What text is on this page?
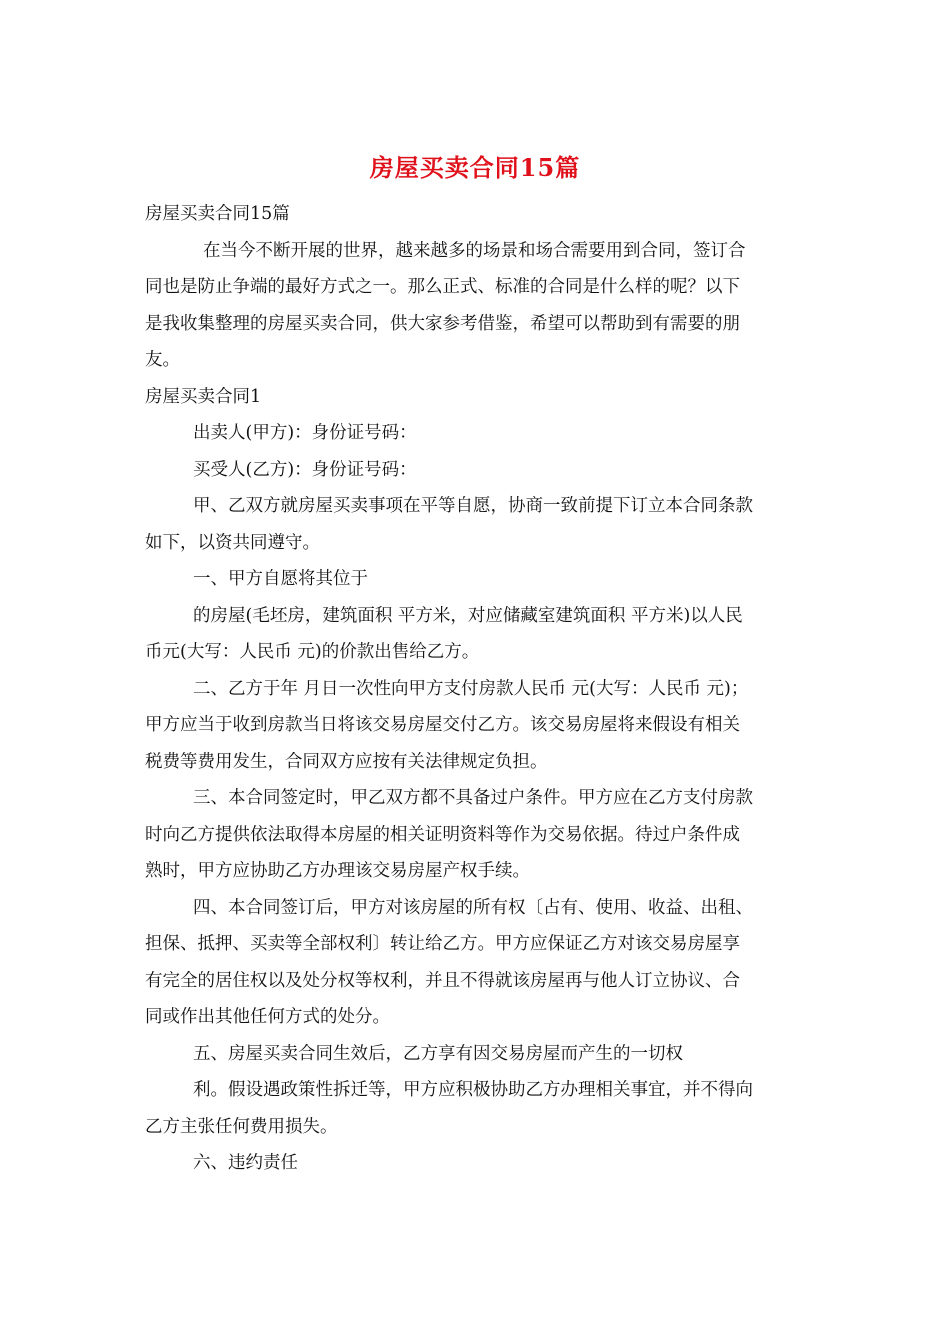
房屋买卖合同15篇
房屋买卖合同15篇
在当今不断开展的世界，越来越多的场景和场合需要用到合同，签订合
同也是防止争端的最好方式之一。那么正式、标准的合同是什么样的呢？以下
是我收集整理的房屋买卖合同，供大家参考借鉴，希望可以帮助到有需要的朋
友。
房屋买卖合同1
出卖人(甲方)：身份证号码：
买受人(乙方)：身份证号码：
甲、乙双方就房屋买卖事项在平等自愿，协商一致前提下订立本合同条款
如下，以资共同遵守。
一、甲方自愿将其位于
的房屋(毛坯房，建筑面积 平方米，对应储藏室建筑面积 平方米)以人民
币元(大写：人民币 元)的价款出售给乙方。
二、乙方于年 月日一次性向甲方支付房款人民币 元(大写：人民币 元)；
甲方应当于收到房款当日将该交易房屋交付乙方。该交易房屋将来假设有相关
税费等费用发生，合同双方应按有关法律规定负担。
三、本合同签定时，甲乙双方都不具备过户条件。甲方应在乙方支付房款
时向乙方提供依法取得本房屋的相关证明资料等作为交易依据。待过户条件成
熟时，甲方应协助乙方办理该交易房屋产权手续。
四、本合同签订后，甲方对该房屋的所有权〔占有、使用、收益、出租、
担保、抵押、买卖等全部权利〕转让给乙方。甲方应保证乙方对该交易房屋享
有完全的居住权以及处分权等权利，并且不得就该房屋再与他人订立协议、合
同或作出其他任何方式的处分。
五、房屋买卖合同生效后，乙方享有因交易房屋而产生的一切权
利。假设遇政策性拆迁等，甲方应积极协助乙方办理相关事宜，并不得向
乙方主张任何费用损失。
六、违约责任
